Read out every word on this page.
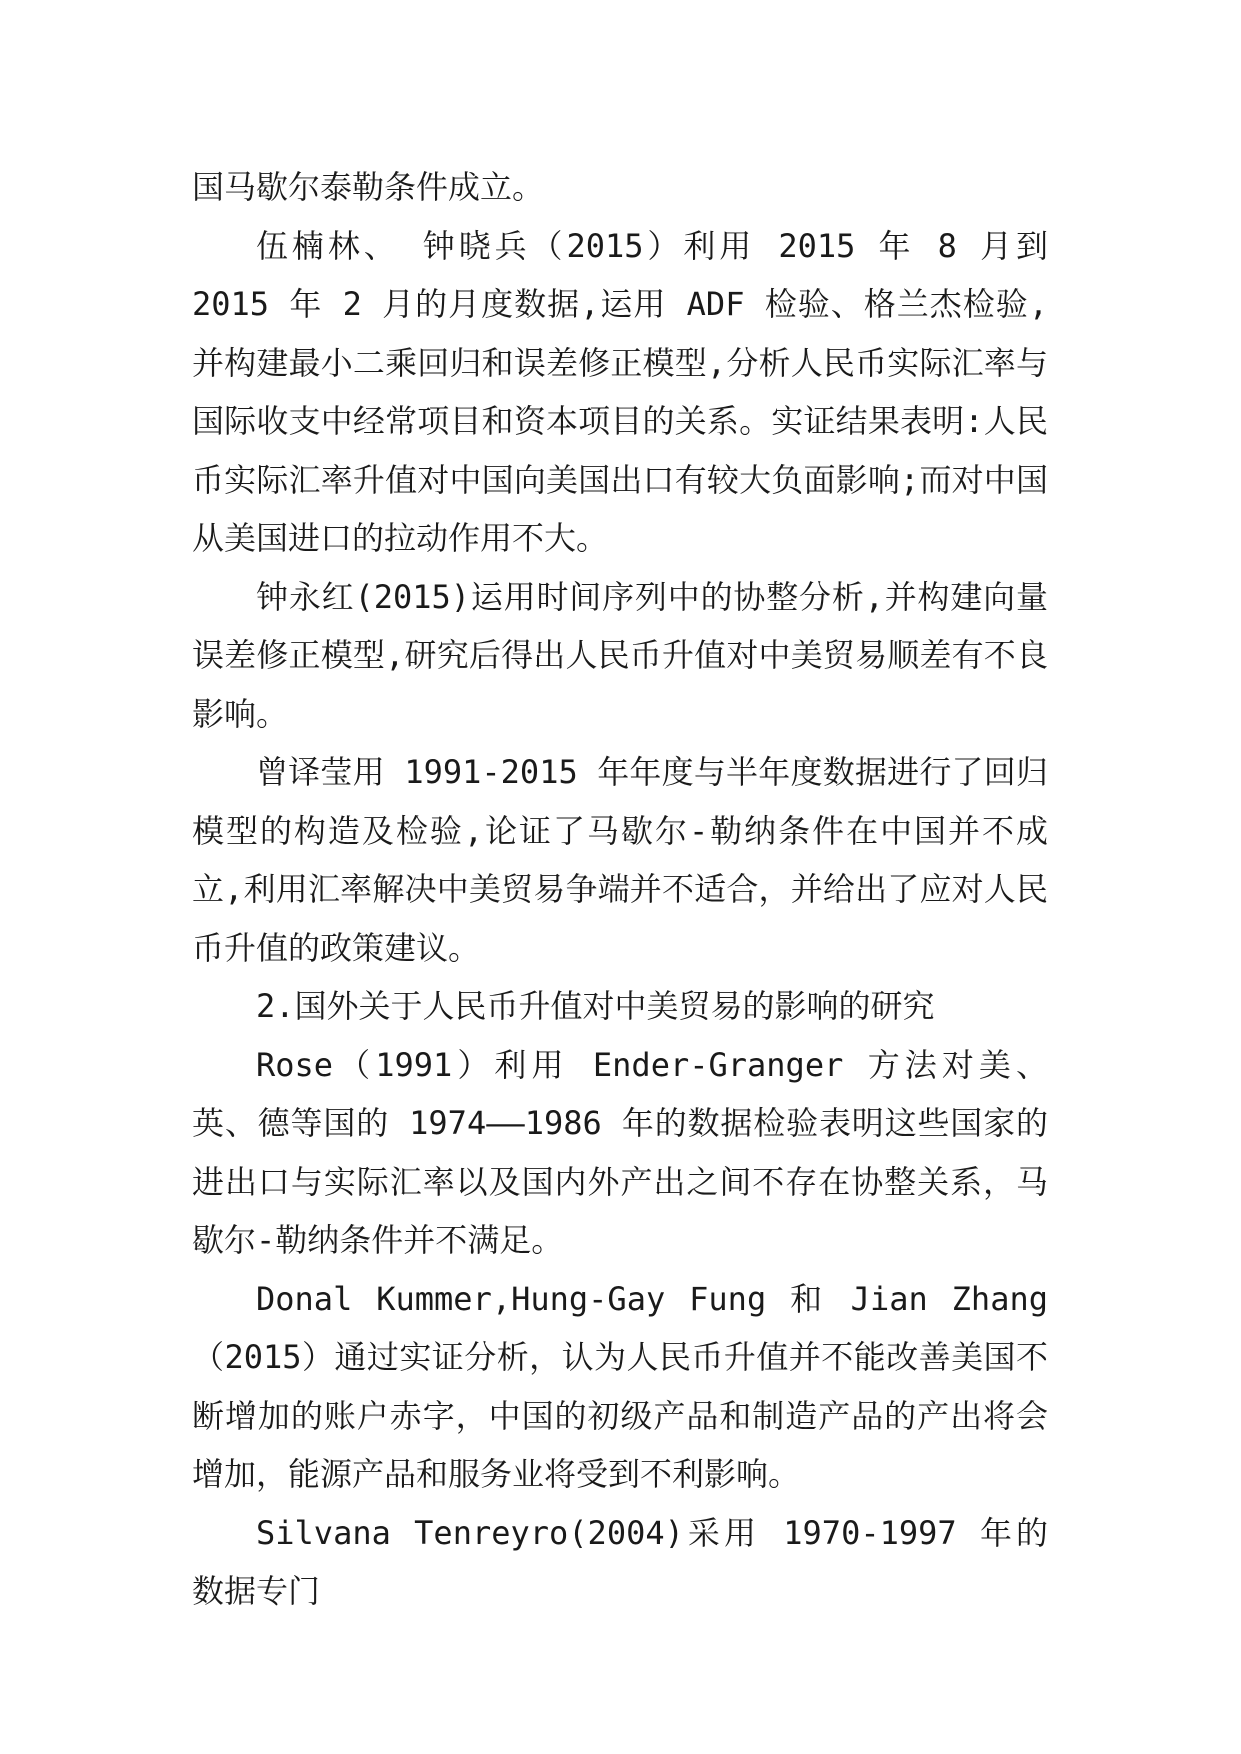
国马歇尔泰勒条件成立。

伍楠林、 钟晓兵（2015）利用 2015 年 8 月到 2015 年 2 月的月度数据,运用 ADF 检验、格兰杰检验,并构建最小二乘回归和误差修正模型,分析人民币实际汇率与国际收支中经常项目和资本项目的关系。实证结果表明:人民币实际汇率升值对中国向美国出口有较大负面影响;而对中国从美国进口的拉动作用不大。

钟永红(2015)运用时间序列中的协整分析,并构建向量误差修正模型,研究后得出人民币升值对中美贸易顺差有不良影响。

曾译莹用 1991-2015 年年度与半年度数据进行了回归模型的构造及检验,论证了马歇尔-勒纳条件在中国并不成立,利用汇率解决中美贸易争端并不适合，并给出了应对人民币升值的政策建议。

2.国外关于人民币升值对中美贸易的影响的研究

Rose（1991）利用 Ender-Granger 方法对美、英、德等国的 1974——1986 年的数据检验表明这些国家的进出口与实际汇率以及国内外产出之间不存在协整关系，马歇尔-勒纳条件并不满足。

Donal Kummer,Hung-Gay Fung 和 Jian Zhang（2015）通过实证分析，认为人民币升值并不能改善美国不断增加的账户赤字，中国的初级产品和制造产品的产出将会增加，能源产品和服务业将受到不利影响。

Silvana Tenreyro(2004)采用 1970-1997 年的数据专门
